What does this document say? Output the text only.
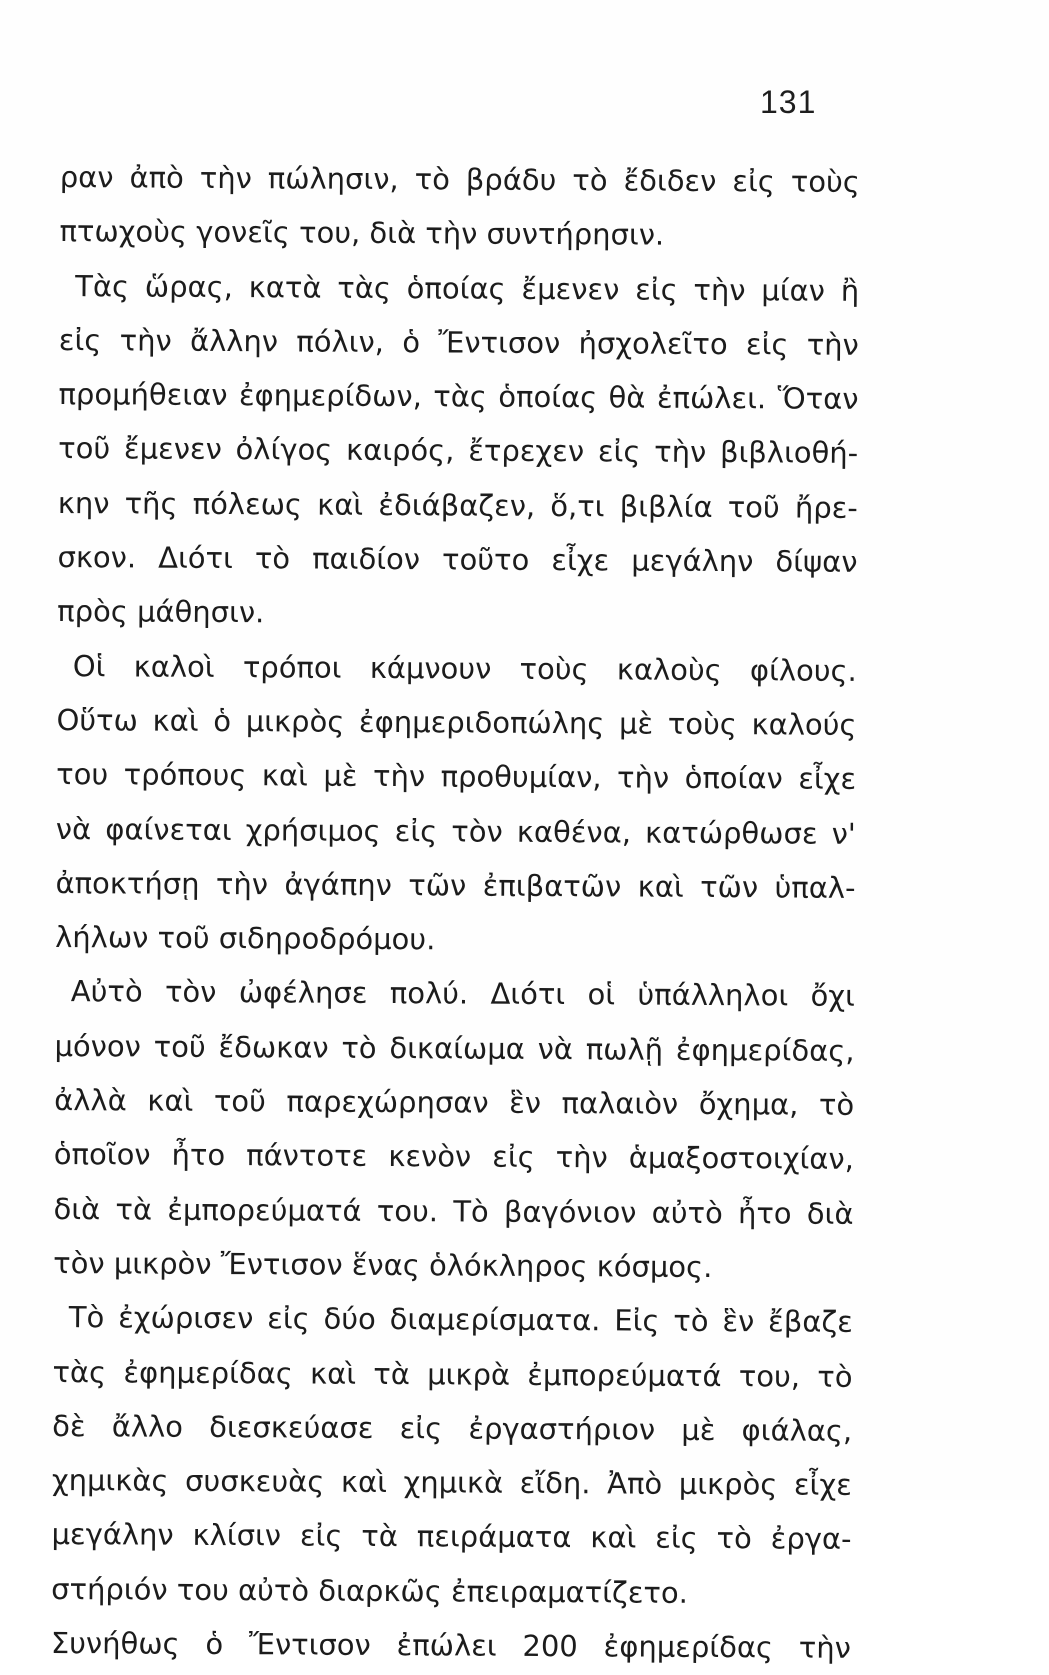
131
ραν ἀπὸ τὴν πώλησιν, τὸ βράδυ τὸ ἔδιδεν εἰς τοὺς
πτωχοὺς γονεῖς του, διὰ τὴν συντήρησιν.
Τὰς ὥρας, κατὰ τὰς ὁποίας ἔμενεν εἰς τὴν μίαν ἢ
εἰς τὴν ἄλλην πόλιν, ὁ Ἔντισον ἠσχολεῖτο εἰς τὴν
προμήθειαν ἐφημερίδων, τὰς ὁποίας θὰ ἐπώλει. Ὅταν
τοῦ ἔμενεν ὀλίγος καιρός, ἔτρεχεν εἰς τὴν βιβλιοθή-
κην τῆς πόλεως καὶ ἐδιάβαζεν, ὅ,τι βιβλία τοῦ ἤρε-
σκον. Διότι τὸ παιδίον τοῦτο εἶχε μεγάλην δίψαν
πρὸς μάθησιν.
Οἱ καλοὶ τρόποι κάμνουν τοὺς καλοὺς φίλους.
Οὕτω καὶ ὁ μικρὸς ἐφημεριδοπώλης μὲ τοὺς καλούς
του τρόπους καὶ μὲ τὴν προθυμίαν, τὴν ὁποίαν εἶχε
νὰ φαίνεται χρήσιμος εἰς τὸν καθένα, κατώρθωσε ν'
ἀποκτήσῃ τὴν ἀγάπην τῶν ἐπιβατῶν καὶ τῶν ὑπαλ-
λήλων τοῦ σιδηροδρόμου.
Αὐτὸ τὸν ὠφέλησε πολύ. Διότι οἱ ὑπάλληλοι ὄχι
μόνον τοῦ ἔδωκαν τὸ δικαίωμα νὰ πωλῇ ἐφημερίδας,
ἀλλὰ καὶ τοῦ παρεχώρησαν ἓν παλαιὸν ὄχημα, τὸ
ὁποῖον ἦτο πάντοτε κενὸν εἰς τὴν ἁμαξοστοιχίαν,
διὰ τὰ ἐμπορεύματά του. Τὸ βαγόνιον αὐτὸ ἦτο διὰ
τὸν μικρὸν Ἔντισον ἕνας ὁλόκληρος κόσμος.
Τὸ ἐχώρισεν εἰς δύο διαμερίσματα. Εἰς τὸ ἓν ἔβαζε
τὰς ἐφημερίδας καὶ τὰ μικρὰ ἐμπορεύματά του, τὸ
δὲ ἄλλο διεσκεύασε εἰς ἐργαστήριον μὲ φιάλας,
χημικὰς συσκευὰς καὶ χημικὰ εἴδη. Ἀπὸ μικρὸς εἶχε
μεγάλην κλίσιν εἰς τὰ πειράματα καὶ εἰς τὸ ἐργα-
στήριόν του αὐτὸ διαρκῶς ἐπειραματίζετο.
Συνήθως ὁ Ἔντισον ἐπώλει 200 ἐφημερίδας τὴν
